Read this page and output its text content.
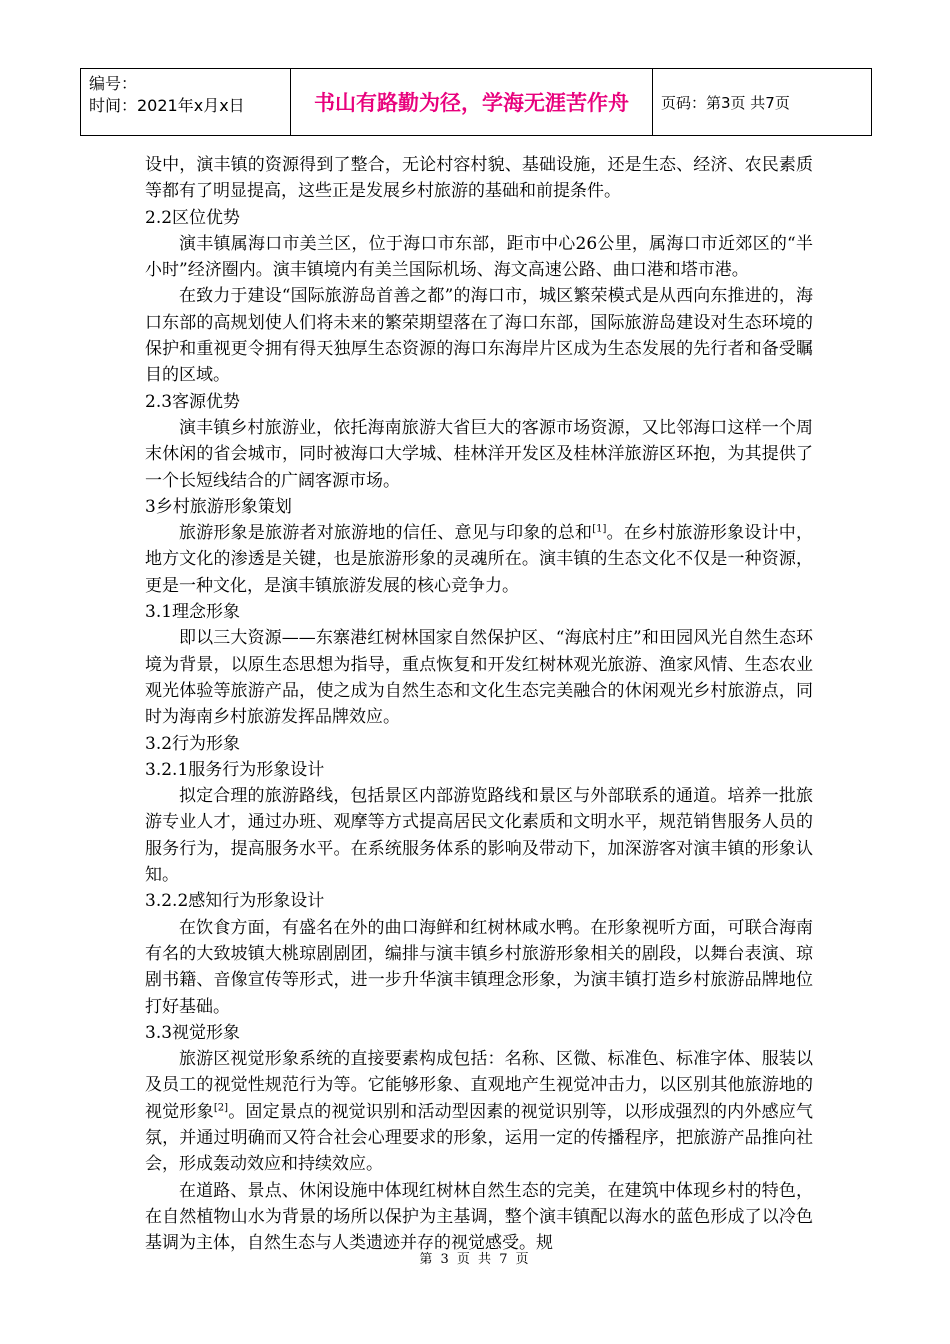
编号：
时间：2021年x月x日	书山有路勤为径，学海无涯苦作舟	页码：第3页 共7页

设中，演丰镇的资源得到了整合，无论村容村貌、基础设施，还是生态、经济、农民素质等都有了明显提高，这些正是发展乡村旅游的基础和前提条件。

2.2区位优势

演丰镇属海口市美兰区，位于海口市东部，距市中心26公里，属海口市近郊区的“半小时”经济圈内。演丰镇境内有美兰国际机场、海文高速公路、曲口港和塔市港。

在致力于建设“国际旅游岛首善之都”的海口市，城区繁荣模式是从西向东推进的，海口东部的高规划使人们将未来的繁荣期望落在了海口东部，国际旅游岛建设对生态环境的保护和重视更令拥有得天独厚生态资源的海口东海岸片区成为生态发展的先行者和备受瞩目的区域。

2.3客源优势

演丰镇乡村旅游业，依托海南旅游大省巨大的客源市场资源，又比邻海口这样一个周末休闲的省会城市，同时被海口大学城、桂林洋开发区及桂林洋旅游区环抱，为其提供了一个长短线结合的广阔客源市场。

3乡村旅游形象策划

旅游形象是旅游者对旅游地的信任、意见与印象的总和[1]。在乡村旅游形象设计中，地方文化的渗透是关键，也是旅游形象的灵魂所在。演丰镇的生态文化不仅是一种资源，更是一种文化，是演丰镇旅游发展的核心竞争力。

3.1理念形象

即以三大资源——东寨港红树林国家自然保护区、“海底村庄”和田园风光自然生态环境为背景，以原生态思想为指导，重点恢复和开发红树林观光旅游、渔家风情、生态农业观光体验等旅游产品，使之成为自然生态和文化生态完美融合的休闲观光乡村旅游点，同时为海南乡村旅游发挥品牌效应。

3.2行为形象

3.2.1服务行为形象设计

拟定合理的旅游路线，包括景区内部游览路线和景区与外部联系的通道。培养一批旅游专业人才，通过办班、观摩等方式提高居民文化素质和文明水平，规范销售服务人员的服务行为，提高服务水平。在系统服务体系的影响及带动下，加深游客对演丰镇的形象认知。

3.2.2感知行为形象设计

在饮食方面，有盛名在外的曲口海鲜和红树林咸水鸭。在形象视听方面，可联合海南有名的大致坡镇大桃琼剧剧团，编排与演丰镇乡村旅游形象相关的剧段，以舞台表演、琼剧书籍、音像宣传等形式，进一步升华演丰镇理念形象，为演丰镇打造乡村旅游品牌地位打好基础。

3.3视觉形象

旅游区视觉形象系统的直接要素构成包括：名称、区微、标准色、标准字体、服装以及员工的视觉性规范行为等。它能够形象、直观地产生视觉冲击力，以区别其他旅游地的视觉形象[2]。固定景点的视觉识别和活动型因素的视觉识别等，以形成强烈的内外感应气氛，并通过明确而又符合社会心理要求的形象，运用一定的传播程序，把旅游产品推向社会，形成轰动效应和持续效应。

在道路、景点、休闲设施中体现红树林自然生态的完美，在建筑中体现乡村的特色，在自然植物山水为背景的场所以保护为主基调，整个演丰镇配以海水的蓝色形成了以冷色基调为主体，自然生态与人类遗迹并存的视觉感受。规

第 3 页 共 7 页
